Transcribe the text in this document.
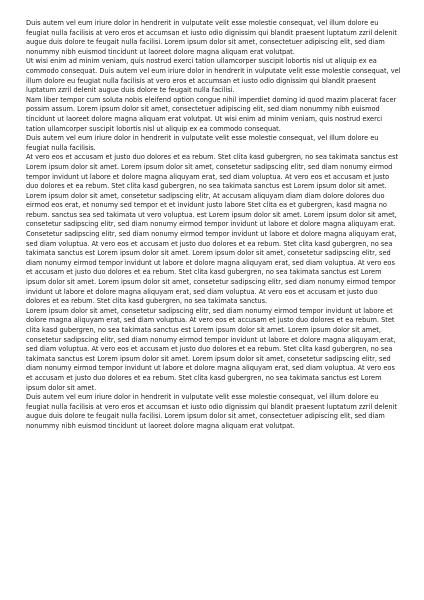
Duis autem vel eum iriure dolor in hendrerit in vulputate velit esse molestie consequat, vel illum dolore eu feugiat nulla facilisis at vero eros et accumsan et iusto odio dignissim qui blandit praesent luptatum zzril delenit augue duis dolore te feugait nulla facilisi. Lorem ipsum dolor sit amet, consectetuer adipiscing elit, sed diam nonummy nibh euismod tincidunt ut laoreet dolore magna aliquam erat volutpat.

Ut wisi enim ad minim veniam, quis nostrud exerci tation ullamcorper suscipit lobortis nisl ut aliquip ex ea commodo consequat. Duis autem vel eum iriure dolor in hendrerit in vulputate velit esse molestie consequat, vel illum dolore eu feugiat nulla facilisis at vero eros et accumsan et iusto odio dignissim qui blandit praesent luptatum zzril delenit augue duis dolore te feugait nulla facilisi.

Nam liber tempor cum soluta nobis eleifend option congue nihil imperdiet doming id quod mazim placerat facer possim assum. Lorem ipsum dolor sit amet, consectetuer adipiscing elit, sed diam nonummy nibh euismod tincidunt ut laoreet dolore magna aliquam erat volutpat. Ut wisi enim ad minim veniam, quis nostrud exerci tation ullamcorper suscipit lobortis nisl ut aliquip ex ea commodo consequat.

Duis autem vel eum iriure dolor in hendrerit in vulputate velit esse molestie consequat, vel illum dolore eu feugiat nulla facilisis.

At vero eos et accusam et justo duo dolores et ea rebum. Stet clita kasd gubergren, no sea takimata sanctus est Lorem ipsum dolor sit amet. Lorem ipsum dolor sit amet, consetetur sadipscing elitr, sed diam nonumy eirmod tempor invidunt ut labore et dolore magna aliquyam erat, sed diam voluptua. At vero eos et accusam et justo duo dolores et ea rebum. Stet clita kasd gubergren, no sea takimata sanctus est Lorem ipsum dolor sit amet. Lorem ipsum dolor sit amet, consetetur sadipscing elitr, At accusam aliquyam diam diam dolore dolores duo eirmod eos erat, et nonumy sed tempor et et invidunt justo labore Stet clita ea et gubergren, kasd magna no rebum. sanctus sea sed takimata ut vero voluptua. est Lorem ipsum dolor sit amet. Lorem ipsum dolor sit amet, consetetur sadipscing elitr, sed diam nonumy eirmod tempor invidunt ut labore et dolore magna aliquyam erat.

Consetetur sadipscing elitr, sed diam nonumy eirmod tempor invidunt ut labore et dolore magna aliquyam erat, sed diam voluptua. At vero eos et accusam et justo duo dolores et ea rebum. Stet clita kasd gubergren, no sea takimata sanctus est Lorem ipsum dolor sit amet. Lorem ipsum dolor sit amet, consetetur sadipscing elitr, sed diam nonumy eirmod tempor invidunt ut labore et dolore magna aliquyam erat, sed diam voluptua. At vero eos et accusam et justo duo dolores et ea rebum. Stet clita kasd gubergren, no sea takimata sanctus est Lorem ipsum dolor sit amet. Lorem ipsum dolor sit amet, consetetur sadipscing elitr, sed diam nonumy eirmod tempor invidunt ut labore et dolore magna aliquyam erat, sed diam voluptua. At vero eos et accusam et justo duo dolores et ea rebum. Stet clita kasd gubergren, no sea takimata sanctus.

Lorem ipsum dolor sit amet, consetetur sadipscing elitr, sed diam nonumy eirmod tempor invidunt ut labore et dolore magna aliquyam erat, sed diam voluptua. At vero eos et accusam et justo duo dolores et ea rebum. Stet clita kasd gubergren, no sea takimata sanctus est Lorem ipsum dolor sit amet. Lorem ipsum dolor sit amet, consetetur sadipscing elitr, sed diam nonumy eirmod tempor invidunt ut labore et dolore magna aliquyam erat, sed diam voluptua. At vero eos et accusam et justo duo dolores et ea rebum. Stet clita kasd gubergren, no sea takimata sanctus est Lorem ipsum dolor sit amet. Lorem ipsum dolor sit amet, consetetur sadipscing elitr, sed diam nonumy eirmod tempor invidunt ut labore et dolore magna aliquyam erat, sed diam voluptua. At vero eos et accusam et justo duo dolores et ea rebum. Stet clita kasd gubergren, no sea takimata sanctus est Lorem ipsum dolor sit amet.

Duis autem vel eum iriure dolor in hendrerit in vulputate velit esse molestie consequat, vel illum dolore eu feugiat nulla facilisis at vero eros et accumsan et iusto odio dignissim qui blandit praesent luptatum zzril delenit augue duis dolore te feugait nulla facilisi. Lorem ipsum dolor sit amet, consectetuer adipiscing elit, sed diam nonummy nibh euismod tincidunt ut laoreet dolore magna aliquam erat volutpat.
